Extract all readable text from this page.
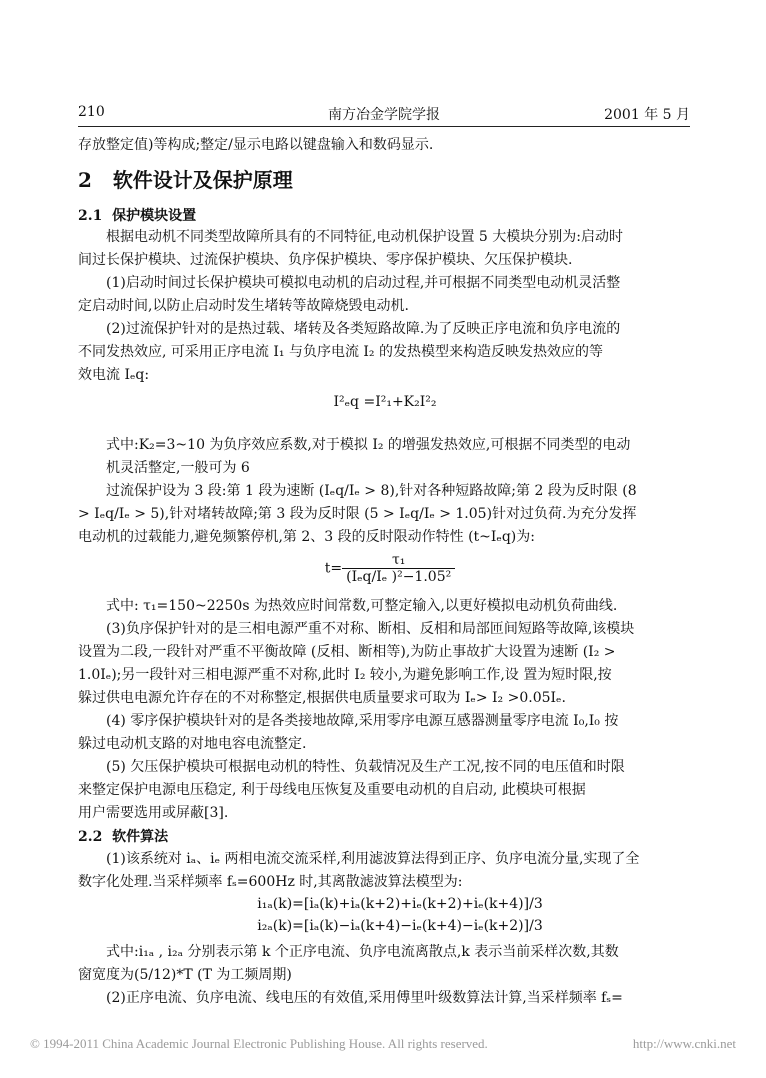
210	南方冶金学院学报	2001 年 5 月
存放整定值)等构成;整定/显示电路以键盘输入和数码显示.
2 软件设计及保护原理
2.1 保护模块设置
根据电动机不同类型故障所具有的不同特征,电动机保护设置 5 大模块分别为:启动时
间过长保护模块、过流保护模块、负序保护模块、零序保护模块、欠压保护模块.
(1)启动时间过长保护模块可模拟电动机的启动过程,并可根据不同类型电动机灵活整
定启动时间,以防止启动时发生堵转等故障烧毁电动机.
(2)过流保护针对的是热过载、堵转及各类短路故障.为了反映正序电流和负序电流的
不同发热效应, 可采用正序电流 I₁ 与负序电流 I₂ 的发热模型来构造反映发热效应的等
效电流 Iₑq:
I²ₑq =I²₁+K₂I²₂
式中:K₂=3~10 为负序效应系数,对于模拟 I₂ 的增强发热效应,可根据不同类型的电动
机灵活整定,一般可为 6
过流保护设为 3 段:第 1 段为速断 (Iₑq/Iₑ > 8),针对各种短路故障;第 2 段为反时限 (8
> Iₑq/Iₑ > 5),针对堵转故障;第 3 段为反时限 (5 > Iₑq/Iₑ > 1.05)针对过负荷.为充分发挥
电动机的过载能力,避免频繁停机,第 2、3 段的反时限动作特性 (t~Iₑq)为:
$t= \frac{\text{τ₁}}{\text{(Iₑq/Iₑ )²−1.05²}}$
式中: τ₁=150~2250s 为热效应时间常数,可整定输入,以更好模拟电动机负荷曲线.
(3)负序保护针对的是三相电源严重不对称、断相、反相和局部匝间短路等故障,该模块
设置为二段,一段针对严重不平衡故障 (反相、断相等),为防止事故扩大设置为速断 (I₂ >
1.0Iₑ);另一段针对三相电源严重不对称,此时 I₂ 较小,为避免影响工作,设 置为短时限,按
躲过供电电源允许存在的不对称整定,根据供电质量要求可取为 Iₑ> I₂ >0.05Iₑ.
(4) 零序保护模块针对的是各类接地故障,采用零序电源互感器测量零序电流 I₀,I₀ 按
躲过电动机支路的对地电容电流整定.
(5) 欠压保护模块可根据电动机的特性、负载情况及生产工况,按不同的电压值和时限
来整定保护电源电压稳定, 利于母线电压恢复及重要电动机的自启动, 此模块可根据
用户需要选用或屏蔽[3].
2.2 软件算法
(1)该系统对 iₐ、iₑ 两相电流交流采样,利用滤波算法得到正序、负序电流分量,实现了全
数字化处理.当采样频率 fₛ=600Hz 时,其离散滤波算法模型为:
i₁ₐ(k)=[iₐ(k)+iₐ(k+2)+iₑ(k+2)+iₑ(k+4)]/3
i₂ₐ(k)=[iₐ(k)−iₐ(k+4)−iₑ(k+4)−iₑ(k+2)]/3
式中:i₁ₐ , i₂ₐ 分别表示第 k 个正序电流、负序电流离散点,k 表示当前采样次数,其数
窗宽度为(5/12)*T (T 为工频周期)
(2)正序电流、负序电流、线电压的有效值,采用傅里叶级数算法计算,当采样频率 fₛ=
© 1994-2011 China Academic Journal Electronic Publishing House. All rights reserved.	http://www.cnki.net
